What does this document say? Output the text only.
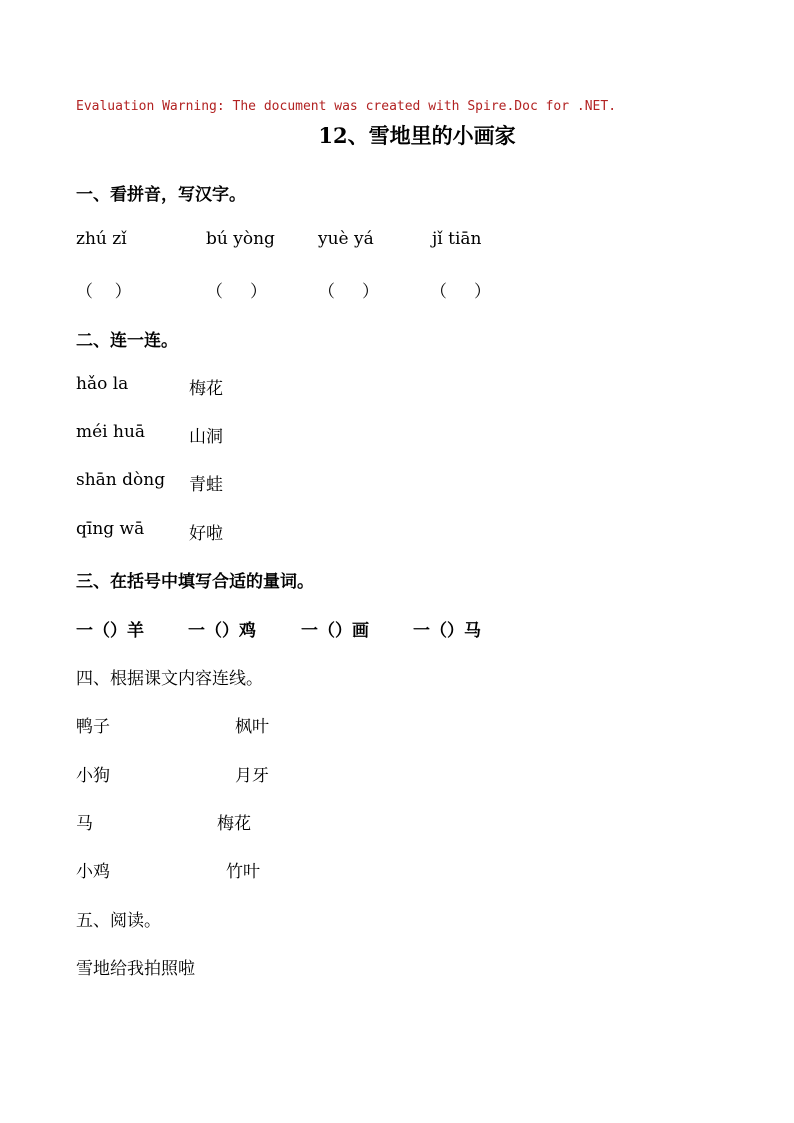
Evaluation Warning: The document was created with Spire.Doc for .NET.
12、雪地里的小画家
一、看拼音，写汉字。
zhú zǐ	bú yòng	yuè yá	jǐ tiān
（    ）	（     ）	（     ）	（     ）
二、连一连。
hǎo la	梅花
méi huā	山洞
shān dòng 青蛙
qīng wā	好啦
三、在括号中填写合适的量词。
一（）羊	一（）鸡	一（）画	一（）马
四、根据课文内容连线。
鸭子	枫叶
小狗	月牙
马	梅花
小鸡	竹叶
五、阅读。
雪地给我拍照啦
